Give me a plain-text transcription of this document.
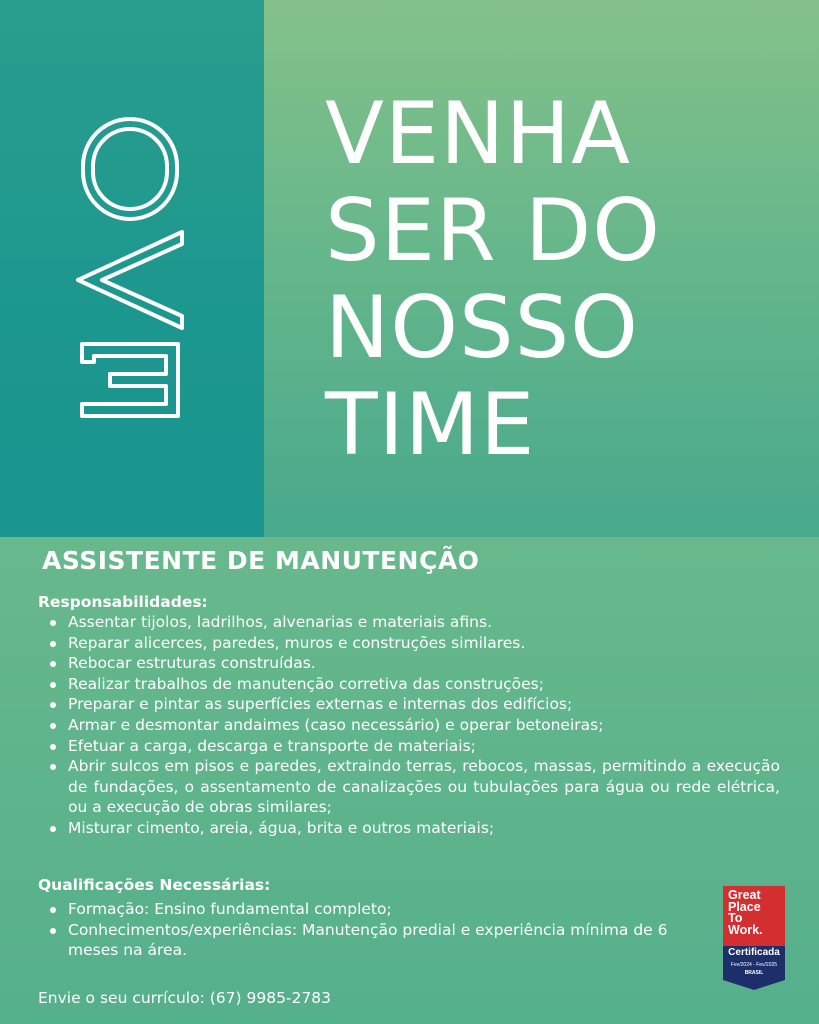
VENHA
SER DO
NOSSO
TIME
ASSISTENTE DE MANUTENÇÃO

Responsabilidades:

Assentar tijolos, ladrilhos, alvenarias e materiais afins.
Reparar alicerces, paredes, muros e construções similares.
Rebocar estruturas construídas.
Realizar trabalhos de manutenção corretiva das construções;
Preparar e pintar as superfícies externas e internas dos edifícios;
Armar e desmontar andaimes (caso necessário) e operar betoneiras;
Efetuar a carga, descarga e transporte de materiais;
Abrir sulcos em pisos e paredes, extraindo terras, rebocos, massas, permitindo a execução de fundações, o assentamento de canalizações ou tubulações para água ou rede elétrica, ou a execução de obras similares;
Misturar cimento, areia, água, brita e outros materiais;

Qualificações Necessárias:

Formação: Ensino fundamental completo;
Conhecimentos/experiências: Manutenção predial e experiência mínima de 6 meses na área.

Envie o seu currículo: (67) 9985-2783

Great
Place
To
Work.
Certificada
Fev/2024 - Fev/2025
BRASIL
